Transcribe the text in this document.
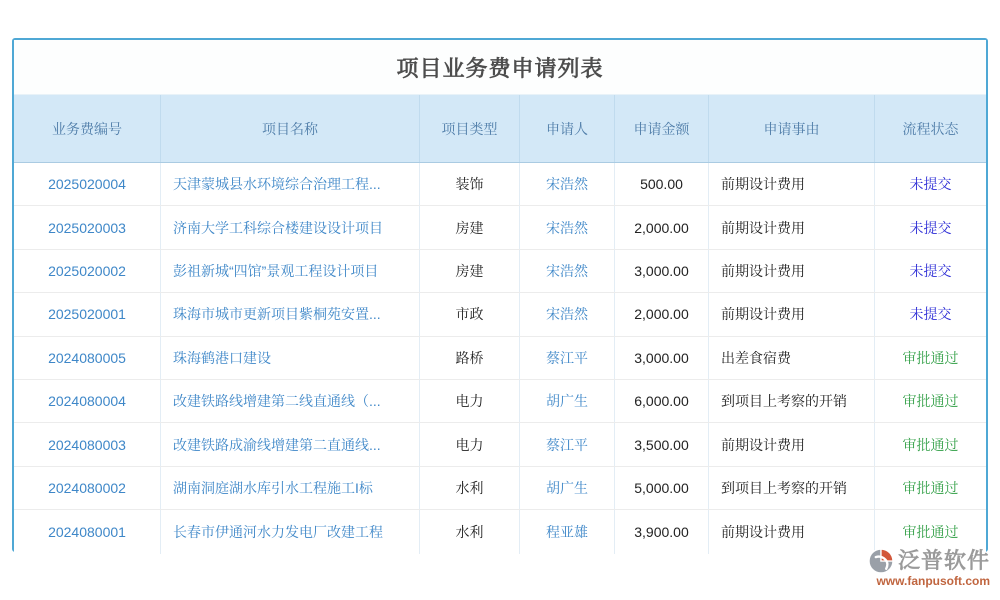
项目业务费申请列表
业务费编号	项目名称	项目类型	申请人	申请金额	申请事由	流程状态
2025020004	天津蒙城县水环境综合治理工程...	装饰	宋浩然	500.00	前期设计费用	未提交
2025020003	济南大学工科综合楼建设设计项目	房建	宋浩然	2,000.00	前期设计费用	未提交
2025020002	彭祖新城“四馆”景观工程设计项目	房建	宋浩然	3,000.00	前期设计费用	未提交
2025020001	珠海市城市更新项目紫桐苑安置...	市政	宋浩然	2,000.00	前期设计费用	未提交
2024080005	珠海鹤港口建设	路桥	蔡江平	3,000.00	出差食宿费	审批通过
2024080004	改建铁路线增建第二线直通线（...	电力	胡广生	6,000.00	到项目上考察的开销	审批通过
2024080003	改建铁路成渝线增建第二直通线...	电力	蔡江平	3,500.00	前期设计费用	审批通过
2024080002	湖南洞庭湖水库引水工程施工I标	水利	胡广生	5,000.00	到项目上考察的开销	审批通过
2024080001	长春市伊通河水力发电厂改建工程	水利	程亚雄	3,900.00	前期设计费用	审批通过
泛普软件
www.fanpusoft.com
